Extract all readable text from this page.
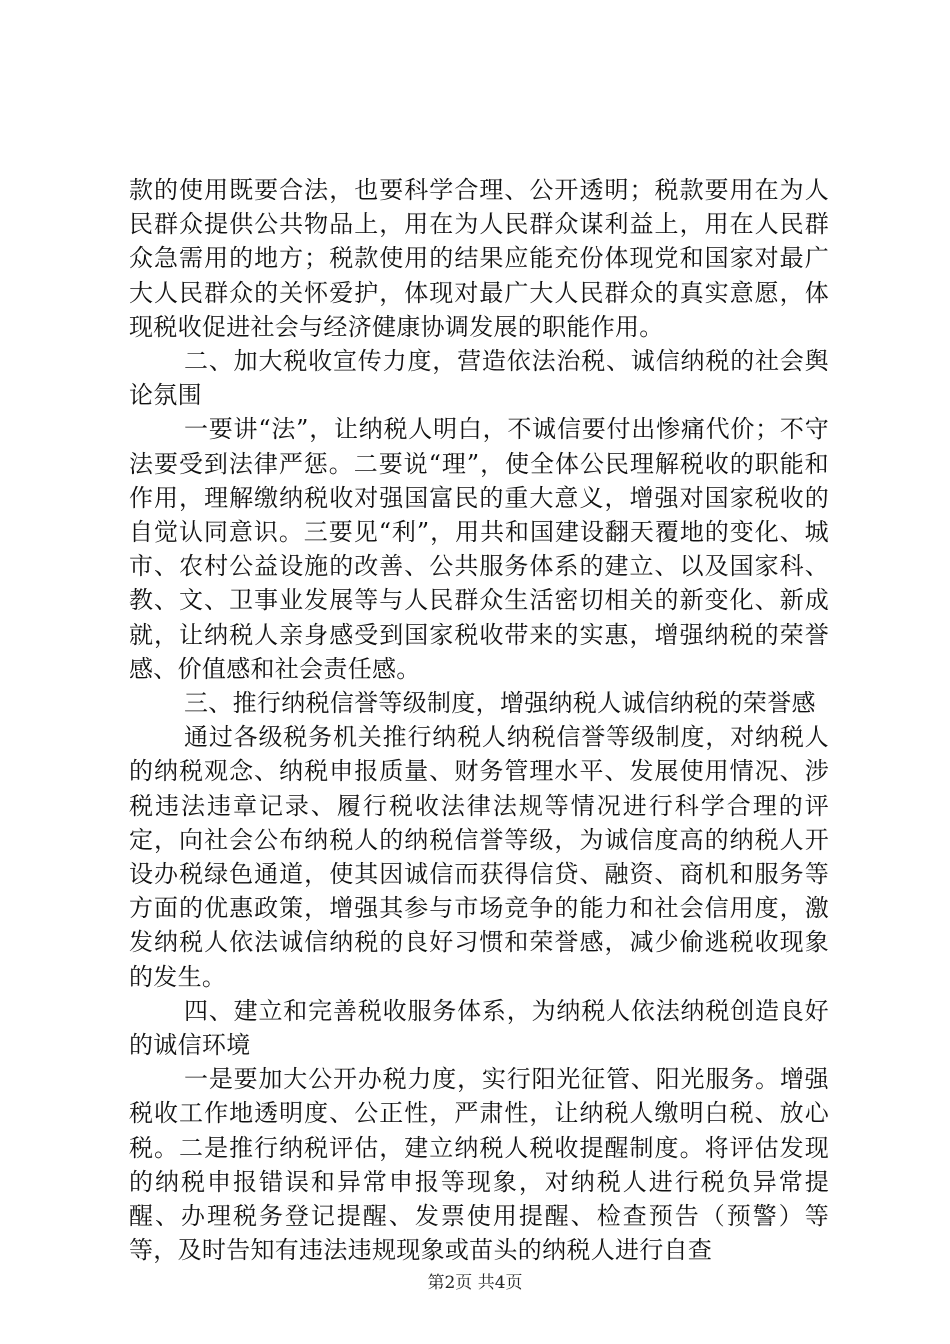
款的使用既要合法，也要科学合理、公开透明；税款要用在为人民群众提供公共物品上，用在为人民群众谋利益上，用在人民群众急需用的地方；税款使用的结果应能充份体现党和国家对最广大人民群众的关怀爱护，体现对最广大人民群众的真实意愿，体现税收促进社会与经济健康协调发展的职能作用。

二、加大税收宣传力度，营造依法治税、诚信纳税的社会舆论氛围

一要讲“法”，让纳税人明白，不诚信要付出惨痛代价；不守法要受到法律严惩。二要说“理”，使全体公民理解税收的职能和作用，理解缴纳税收对强国富民的重大意义，增强对国家税收的自觉认同意识。三要见“利”，用共和国建设翻天覆地的变化、城市、农村公益设施的改善、公共服务体系的建立、以及国家科、教、文、卫事业发展等与人民群众生活密切相关的新变化、新成就，让纳税人亲身感受到国家税收带来的实惠，增强纳税的荣誉感、价值感和社会责任感。

三、推行纳税信誉等级制度，增强纳税人诚信纳税的荣誉感

通过各级税务机关推行纳税人纳税信誉等级制度，对纳税人的纳税观念、纳税申报质量、财务管理水平、发展使用情况、涉税违法违章记录、履行税收法律法规等情况进行科学合理的评定，向社会公布纳税人的纳税信誉等级，为诚信度高的纳税人开设办税绿色通道，使其因诚信而获得信贷、融资、商机和服务等方面的优惠政策，增强其参与市场竞争的能力和社会信用度，激发纳税人依法诚信纳税的良好习惯和荣誉感，减少偷逃税收现象的发生。

四、建立和完善税收服务体系，为纳税人依法纳税创造良好的诚信环境

一是要加大公开办税力度，实行阳光征管、阳光服务。增强税收工作地透明度、公正性，严肃性，让纳税人缴明白税、放心税。二是推行纳税评估，建立纳税人税收提醒制度。将评估发现的纳税申报错误和异常申报等现象，对纳税人进行税负异常提醒、办理税务登记提醒、发票使用提醒、检查预告（预警）等等，及时告知有违法违规现象或苗头的纳税人进行自查

第2页 共4页
